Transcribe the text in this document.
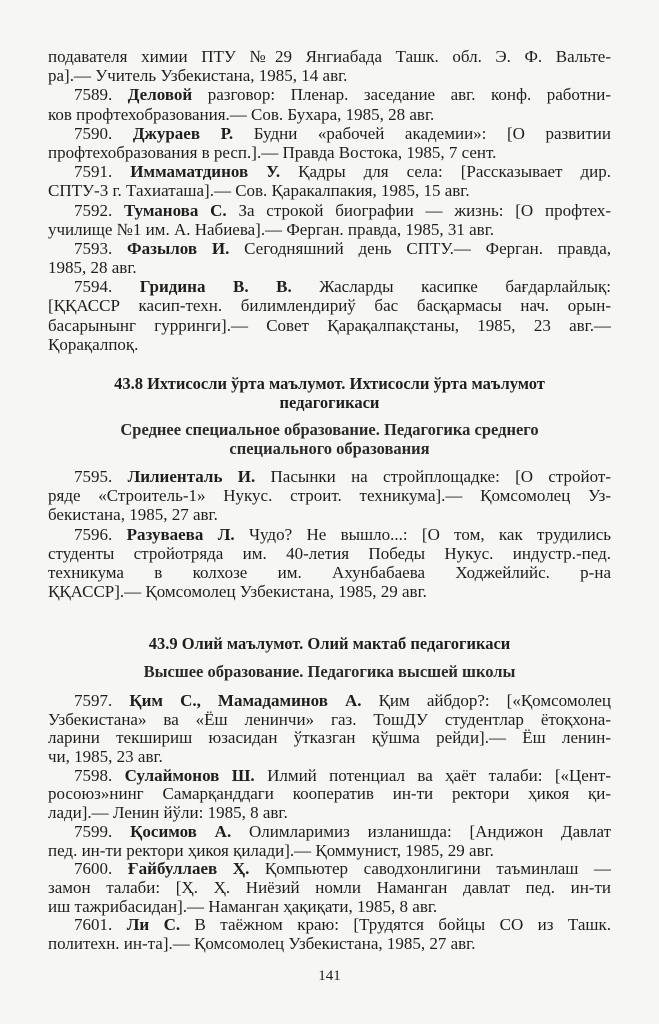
подавателя химии ПТУ №29 Янгиабада Ташк. обл. Э. Ф. Вальте-
ра].— Учитель Узбекистана, 1985, 14 авг.
7589. Деловой разговор: Пленар. заседание авг. конф. работни-
ков профтехобразования.— Сов. Бухара, 1985, 28 авг.
7590. Джураев Р. Будни «рабочей академии»: [О развитии
профтехобразования в респ.].— Правда Востока, 1985, 7 сент.
7591. Иммаматдинов У. Қадры для села: [Рассказывает дир.
СПТУ-3 г. Тахиаташа].— Сов. Қаракалпакия, 1985, 15 авг.
7592. Туманова С. За строкой биографии — жизнь: [О профтех-
училище №1 им. А. Набиева].— Ферган. правда, 1985, 31 авг.
7593. Фазылов И. Сегодняшний день СПТУ.— Ферган. правда,
1985, 28 авг.
7594. Гридина В. В. Жасларды касипке бағдарлайлық:
[ҚҚАССР касип-техн. билимлендириў бас басқармасы нач. орын-
басарынынг гурринги].— Совет Қарақалпақстаны, 1985, 23 авг.—
Қорақалпоқ.
43.8 Ихтисосли ўрта маълумот. Ихтисосли ўрта маълумот
педагогикаси
Среднее специальное образование. Педагогика среднего
специального образования
7595. Лилиенталь И. Пасынки на стройплощадке: [О стройот-
ряде «Строитель-1» Нукус. строит. техникума].— Қомсомолец Уз-
бекистана, 1985, 27 авг.
7596. Разуваева Л. Чудо? Не вышло...: [О том, как трудились
студенты стройотряда им. 40-летия Победы Нукус. индустр.-пед.
техникума в колхозе им. Ахунбабаева Ходжейлийс. р-на
ҚҚАССР].— Қомсомолец Узбекистана, 1985, 29 авг.
43.9 Олий маълумот. Олий мактаб педагогикаси
Высшее образование. Педагогика высшей школы
7597. Қим С., Мамадаминов А. Қим айбдор?: [«Қомсомолец
Узбекистана» ва «Ёш ленинчи» газ. ТошДУ студентлар ётоқхона-
ларини текшириш юзасидан ўтказган қўшма рейди].— Ёш ленин-
чи, 1985, 23 авг.
7598. Сулаймонов Ш. Илмий потенциал ва ҳаёт талаби: [«Цент-
росоюз»нинг Самарқанддаги кооператив ин-ти ректори ҳикоя қи-
лади].— Ленин йўли: 1985, 8 авг.
7599. Қосимов А. Олимларимиз изланишда: [Андижон Давлат
пед. ин-ти ректори ҳикоя қилади].— Қоммунист, 1985, 29 авг.
7600. Ғайбуллаев Ҳ. Қомпьютер саводхонлигини таъминлаш —
замон талаби: [Ҳ. Ҳ. Ниёзий номли Наманган давлат пед. ин-ти
иш тажрибасидан].— Наманган ҳақиқати, 1985, 8 авг.
7601. Ли С. В таёжном краю: [Трудятся бойцы СО из Ташк.
политехн. ин-та].— Қомсомолец Узбекистана, 1985, 27 авг.
141
